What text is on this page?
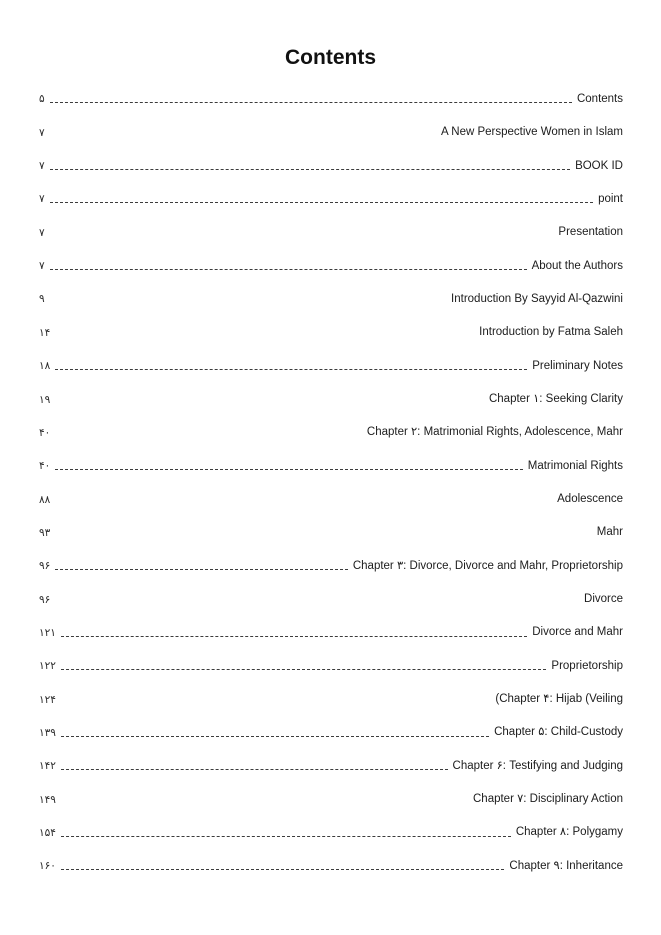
Contents
۵	Contents
۷	A New Perspective Women in Islam
۷	BOOK ID
۷	point
۷	Presentation
۷	About the Authors
۹	Introduction By Sayyid Al-Qazwini
۱۴	Introduction by Fatma Saleh
۱۸	Preliminary Notes
۱۹	Chapter ۱: Seeking Clarity
۴۰	Chapter ۲: Matrimonial Rights, Adolescence, Mahr
۴۰	Matrimonial Rights
۸۸	Adolescence
۹۳	Mahr
۹۶	Chapter ۳: Divorce, Divorce and Mahr, Proprietorship
۹۶	Divorce
۱۲۱	Divorce and Mahr
۱۲۲	Proprietorship
۱۲۴	(Chapter ۴: Hijab (Veiling
۱۳۹	Chapter ۵: Child-Custody
۱۴۲	Chapter ۶: Testifying and Judging
۱۴۹	Chapter ۷: Disciplinary Action
۱۵۴	Chapter ۸: Polygamy
۱۶۰	Chapter ۹: Inheritance
